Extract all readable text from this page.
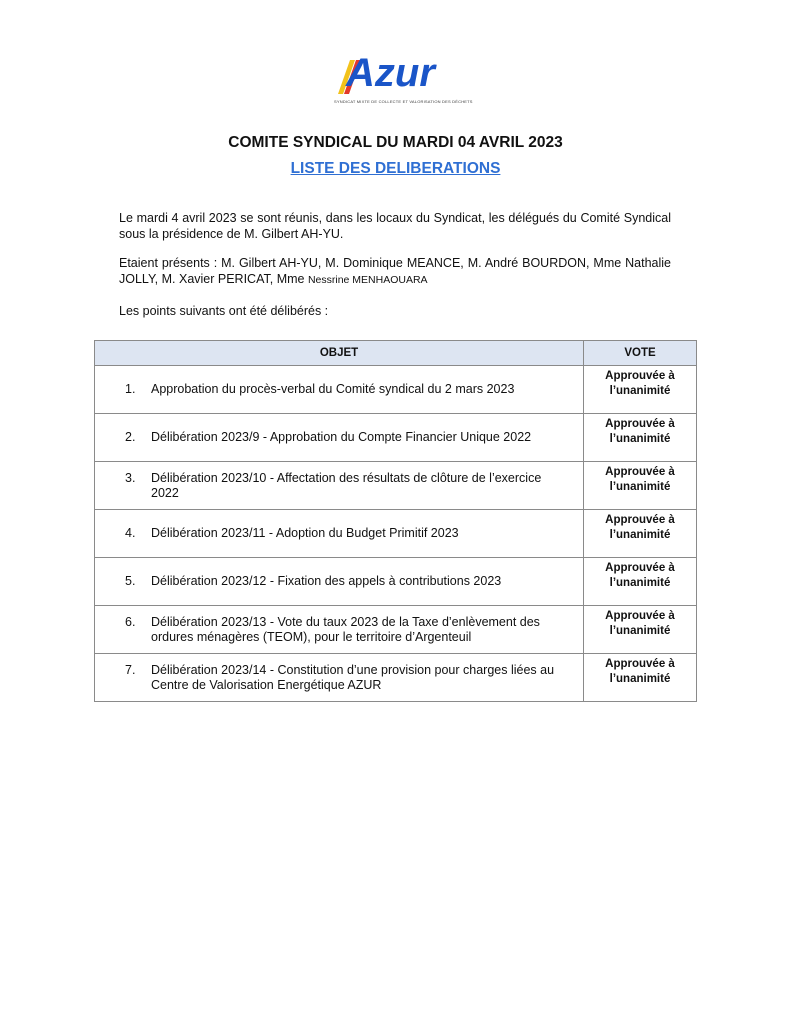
Azur
SYNDICAT MIXTE DE COLLECTE ET VALORISATION DES DÉCHETS
COMITE SYNDICAL DU MARDI 04 AVRIL 2023
LISTE DES DELIBERATIONS
Le mardi 4 avril 2023 se sont réunis, dans les locaux du Syndicat, les délégués du Comité Syndical sous la présidence de M. Gilbert AH-YU.
Etaient présents : M. Gilbert AH-YU, M. Dominique MEANCE, M. André BOURDON, Mme Nathalie JOLLY, M. Xavier PERICAT, Mme Nessrine MENHAOUARA
Les points suivants ont été délibérés :
OBJET	VOTE

1. Approbation du procès-verbal du Comité syndical du 2 mars 2023	Approuvée à l’unanimité

2. Délibération 2023/9 - Approbation du Compte Financier Unique 2022	Approuvée à l’unanimité

3. Délibération 2023/10 - Affectation des résultats de clôture de l’exercice 2022	Approuvée à l’unanimité

4. Délibération 2023/11 - Adoption du Budget Primitif 2023	Approuvée à l’unanimité

5. Délibération 2023/12 - Fixation des appels à contributions 2023	Approuvée à l’unanimité

6. Délibération 2023/13 - Vote du taux 2023 de la Taxe d’enlèvement des ordures ménagères (TEOM), pour le territoire d’Argenteuil	Approuvée à l’unanimité

7. Délibération 2023/14 - Constitution d’une provision pour charges liées au Centre de Valorisation Energétique AZUR	Approuvée à l’unanimité
